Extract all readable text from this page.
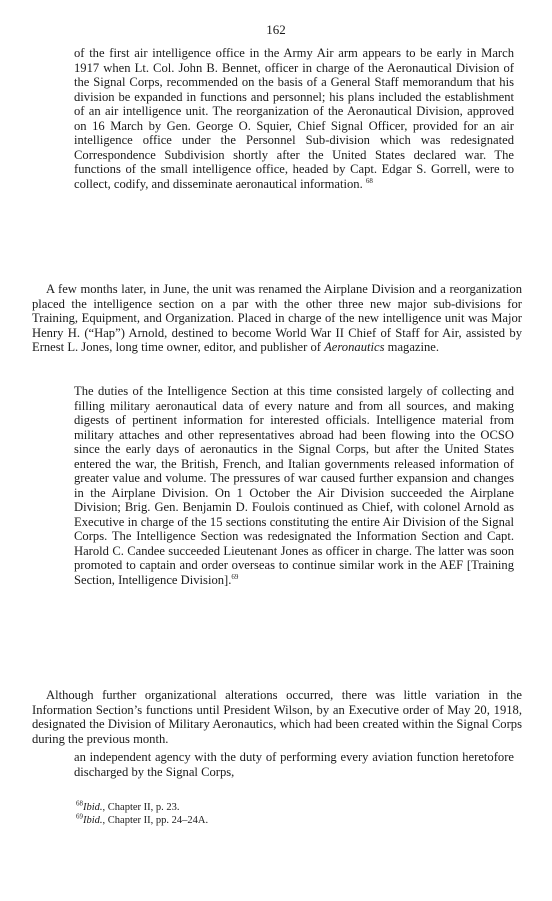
162

of the first air intelligence office in the Army Air arm appears to be early in March 1917 when Lt. Col. John B. Bennet, officer in charge of the Aeronautical Division of the Signal Corps, recommended on the basis of a General Staff memorandum that his division be expanded in functions and personnel; his plans included the establishment of an air intelligence unit. The reorganization of the Aeronautical Division, approved on 16 March by Gen. George O. Squier, Chief Signal Officer, provided for an air intelligence office under the Personnel Sub-division which was redesignated Correspondence Subdivision shortly after the United States declared war. The functions of the small intelligence office, headed by Capt. Edgar S. Gorrell, were to collect, codify, and disseminate aeronautical information. $^{68}$

A few months later, in June, the unit was renamed the Airplane Division and a reorganization placed the intelligence section on a par with the other three new major sub-divisions for Training, Equipment, and Organization. Placed in charge of the new intelligence unit was Major Henry H. (“Hap”) Arnold, destined to become World War II Chief of Staff for Air, assisted by Ernest L. Jones, long time owner, editor, and publisher of Aeronautics magazine.

The duties of the Intelligence Section at this time consisted largely of collecting and filling military aeronautical data of every nature and from all sources, and making digests of pertinent information for interested officials. Intelligence material from military attaches and other representatives abroad had been flowing into the OCSO since the early days of aeronautics in the Signal Corps, but after the United States entered the war, the British, French, and Italian governments released information of greater value and volume. The pressures of war caused further expansion and changes in the Airplane Division. On 1 October the Air Division succeeded the Airplane Division; Brig. Gen. Benjamin D. Foulois continued as Chief, with colonel Arnold as Executive in charge of the 15 sections constituting the entire Air Division of the Signal Corps. The Intelligence Section was redesignated the Information Section and Capt. Harold C. Candee succeeded Lieutenant Jones as officer in charge. The latter was soon promoted to captain and order overseas to continue similar work in the AEF [Training Section, Intelligence Division].$^{69}$

Although further organizational alterations occurred, there was little variation in the Information Section’s functions until President Wilson, by an Executive order of May 20, 1918, designated the Division of Military Aeronautics, which had been created within the Signal Corps during the previous month.

an independent agency with the duty of performing every aviation function heretofore discharged by the Signal Corps,

$^{68}$Ibid., Chapter II, p. 23.

$^{69}$Ibid., Chapter II, pp. 24–24A.
